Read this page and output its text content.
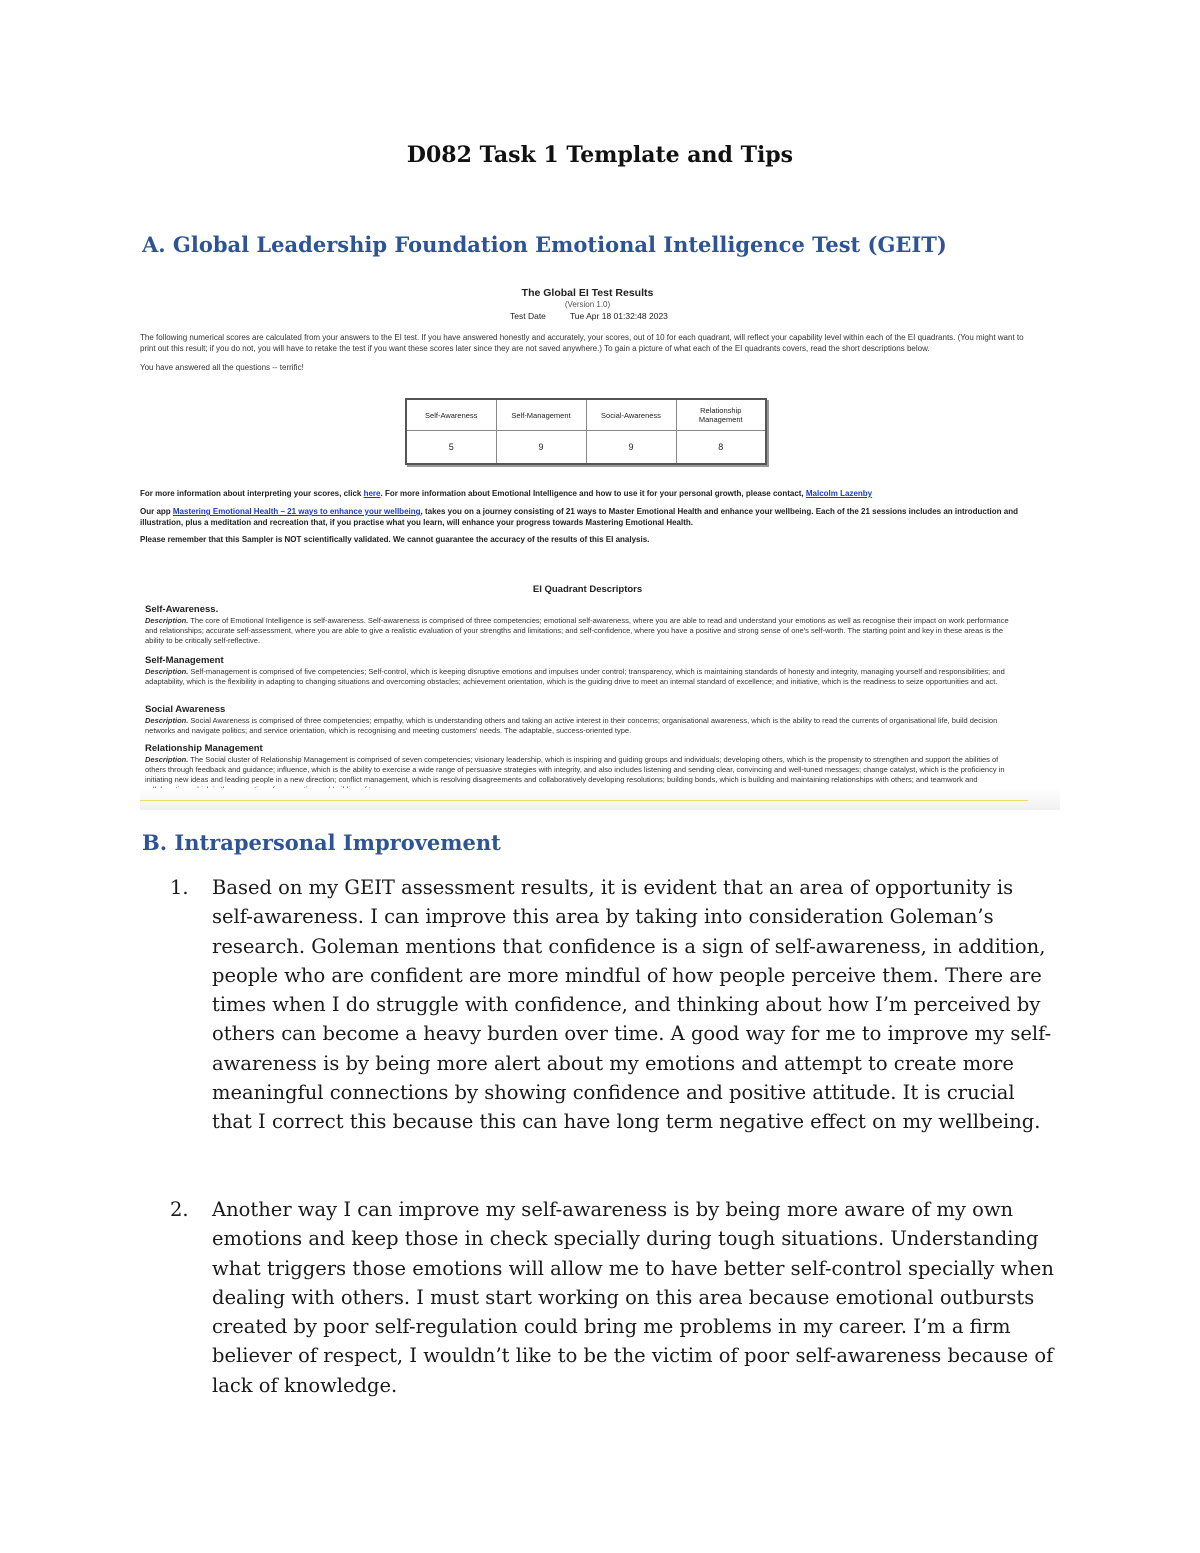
D082 Task 1 Template and Tips
A. Global Leadership Foundation Emotional Intelligence Test (GEIT)
The Global EI Test Results
(Version 1.0)
Test Date	Tue Apr 18 01:32:48 2023
The following numerical scores are calculated from your answers to the EI test. If you have answered honestly and accurately, your scores, out of 10 for each quadrant, will reflect your capability level within each of the EI quadrants. (You might want to print out this result; if you do not, you will have to retake the test if you want these scores later since they are not saved anywhere.) To gain a picture of what each of the EI quadrants covers, read the short descriptions below.
You have answered all the questions -- terrific!
Self-Awareness	Self-Management	Social-Awareness	Relationship Management
5	9	9	8
For more information about interpreting your scores, click here. For more information about Emotional Intelligence and how to use it for your personal growth, please contact, Malcolm Lazenby
Our app Mastering Emotional Health – 21 ways to enhance your wellbeing, takes you on a journey consisting of 21 ways to Master Emotional Health and enhance your wellbeing. Each of the 21 sessions includes an introduction and illustration, plus a meditation and recreation that, if you practise what you learn, will enhance your progress towards Mastering Emotional Health.
Please remember that this Sampler is NOT scientifically validated. We cannot guarantee the accuracy of the results of this EI analysis.
EI Quadrant Descriptors
Self-Awareness.
Description. The core of Emotional Intelligence is self-awareness. Self-awareness is comprised of three competencies; emotional self-awareness, where you are able to read and understand your emotions as well as recognise their impact on work performance and relationships; accurate self-assessment, where you are able to give a realistic evaluation of your strengths and limitations; and self-confidence, where you have a positive and strong sense of one's self-worth. The starting point and key in these areas is the ability to be critically self-reflective.
Self-Management
Description. Self-management is comprised of five competencies; Self-control, which is keeping disruptive emotions and impulses under control; transparency, which is maintaining standards of honesty and integrity, managing yourself and responsibilities; and adaptability, which is the flexibility in adapting to changing situations and overcoming obstacles; achievement orientation, which is the guiding drive to meet an internal standard of excellence; and initiative, which is the readiness to seize opportunities and act.
Social Awareness
Description. Social Awareness is comprised of three competencies; empathy, which is understanding others and taking an active interest in their concerns; organisational awareness, which is the ability to read the currents of organisational life, build decision networks and navigate politics; and service orientation, which is recognising and meeting customers' needs. The adaptable, success-oriented type.
Relationship Management
Description. The Social cluster of Relationship Management is comprised of seven competencies; visionary leadership, which is inspiring and guiding groups and individuals; developing others, which is the propensity to strengthen and support the abilities of others through feedback and guidance; influence, which is the ability to exercise a wide range of persuasive strategies with integrity, and also includes listening and sending clear, convincing and well-tuned messages; change catalyst, which is the proficiency in initiating new ideas and leading people in a new direction; conflict management, which is resolving disagreements and collaboratively developing resolutions; building bonds, which is building and maintaining relationships with others; and teamwork and
B. Intrapersonal Improvement
1. Based on my GEIT assessment results, it is evident that an area of opportunity is self-awareness. I can improve this area by taking into consideration Goleman’s research. Goleman mentions that confidence is a sign of self-awareness, in addition, people who are confident are more mindful of how people perceive them. There are times when I do struggle with confidence, and thinking about how I’m perceived by others can become a heavy burden over time. A good way for me to improve my self-awareness is by being more alert about my emotions and attempt to create more meaningful connections by showing confidence and positive attitude. It is crucial that I correct this because this can have long term negative effect on my wellbeing.
2. Another way I can improve my self-awareness is by being more aware of my own emotions and keep those in check specially during tough situations. Understanding what triggers those emotions will allow me to have better self-control specially when dealing with others. I must start working on this area because emotional outbursts created by poor self-regulation could bring me problems in my career. I’m a firm believer of respect, I wouldn’t like to be the victim of poor self-awareness because of lack of knowledge.
